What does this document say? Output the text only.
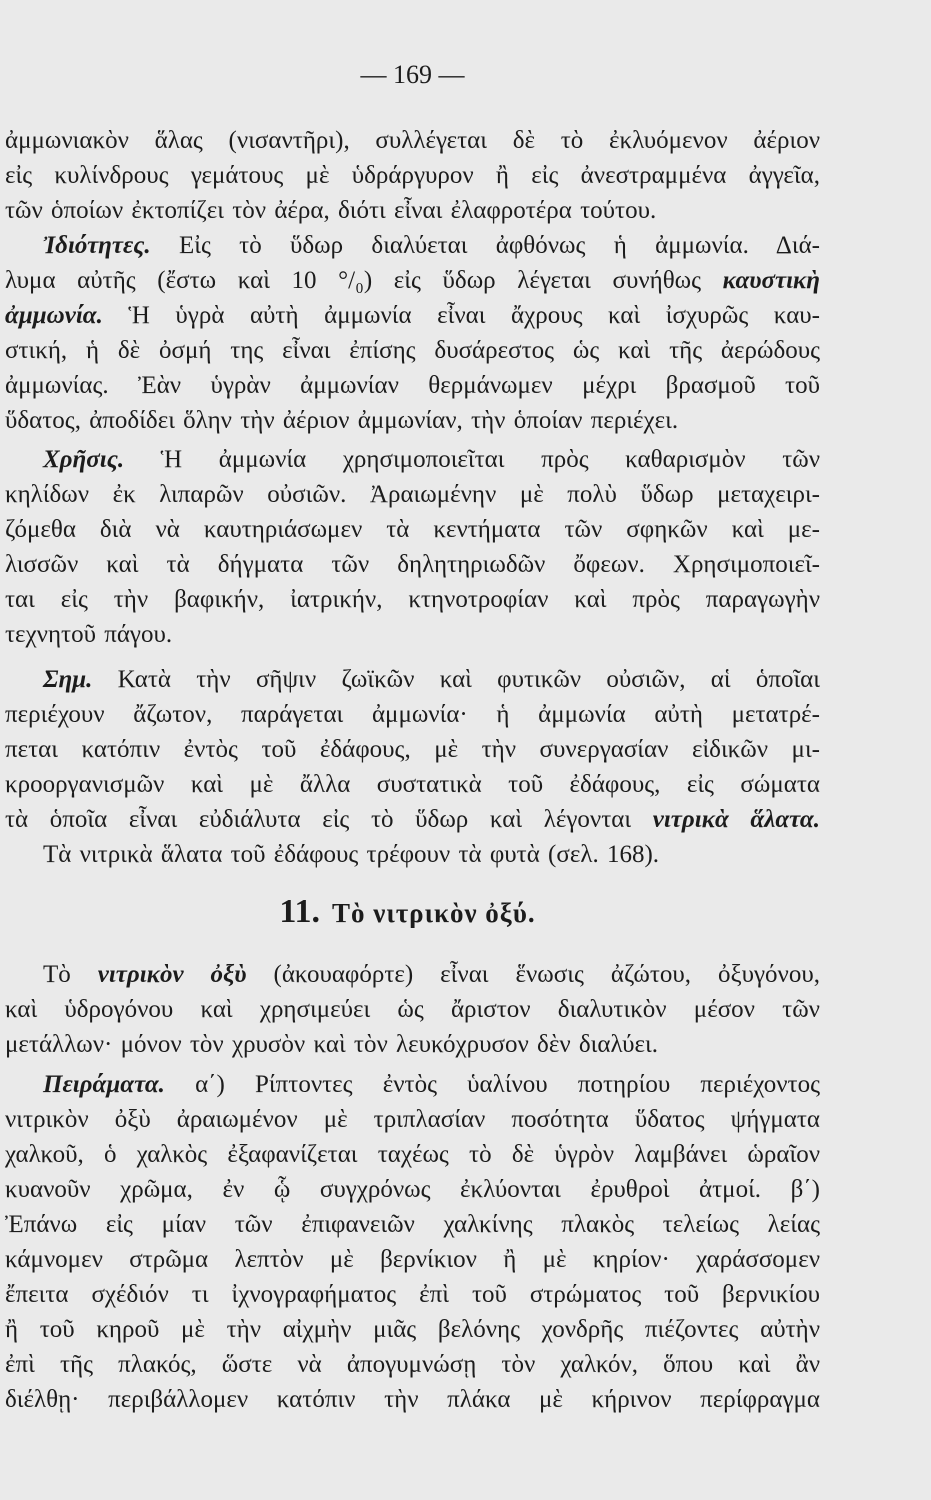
— 169 —
ἀμμωνιακὸν ἅλας (νισαντῆρι), συλλέγεται δὲ τὸ ἐκλυόμενον ἀέριον
εἰς κυλίνδρους γεμάτους μὲ ὑδράργυρον ἢ εἰς ἀνεστραμμένα ἀγγεῖα,
τῶν ὁποίων ἐκτοπίζει τὸν ἀέρα, διότι εἶναι ἐλαφροτέρα τούτου.
Ἰδιότητες. Εἰς τὸ ὕδωρ διαλύεται ἀφθόνως ἡ ἀμμωνία. Διά-
λυμα αὐτῆς (ἔστω καὶ 10 °/₀) εἰς ὕδωρ λέγεται συνήθως καυστικὴ
ἀμμωνία. Ἡ ὑγρὰ αὐτὴ ἀμμωνία εἶναι ἄχρους καὶ ἰσχυρῶς καυ-
στική, ἡ δὲ ὀσμή της εἶναι ἐπίσης δυσάρεστος ὡς καὶ τῆς ἀερώδους
ἀμμωνίας. Ἐὰν ὑγρὰν ἀμμωνίαν θερμάνωμεν μέχρι βρασμοῦ τοῦ
ὕδατος, ἀποδίδει ὅλην τὴν ἀέριον ἀμμωνίαν, τὴν ὁποίαν περιέχει.
Χρῆσις. Ἡ ἀμμωνία χρησιμοποιεῖται πρὸς καθαρισμὸν τῶν
κηλίδων ἐκ λιπαρῶν οὐσιῶν. Ἀραιωμένην μὲ πολὺ ὕδωρ μεταχειρι-
ζόμεθα διὰ νὰ καυτηριάσωμεν τὰ κεντήματα τῶν σφηκῶν καὶ με-
λισσῶν καὶ τὰ δήγματα τῶν δηλητηριωδῶν ὄφεων. Χρησιμοποιεῖ-
ται εἰς τὴν βαφικήν, ἰατρικήν, κτηνοτροφίαν καὶ πρὸς παραγωγὴν
τεχνητοῦ πάγου.
Σημ. Κατὰ τὴν σῆψιν ζωϊκῶν καὶ φυτικῶν οὐσιῶν, αἱ ὁποῖαι
περιέχουν ἄζωτον, παράγεται ἀμμωνία· ἡ ἀμμωνία αὐτὴ μετατρέ-
πεται κατόπιν ἐντὸς τοῦ ἐδάφους, μὲ τὴν συνεργασίαν εἰδικῶν μι-
κροοργανισμῶν καὶ μὲ ἄλλα συστατικὰ τοῦ ἐδάφους, εἰς σώματα
τὰ ὁποῖα εἶναι εὐδιάλυτα εἰς τὸ ὕδωρ καὶ λέγονται νιτρικὰ ἅλατα.
Τὰ νιτρικὰ ἅλατα τοῦ ἐδάφους τρέφουν τὰ φυτὰ (σελ. 168).
11. Τὸ νιτρικὸν ὀξύ.
Τὸ νιτρικὸν ὀξὺ (ἀκουαφόρτε) εἶναι ἕνωσις ἀζώτου, ὀξυγόνου,
καὶ ὑδρογόνου καὶ χρησιμεύει ὡς ἄριστον διαλυτικὸν μέσον τῶν
μετάλλων· μόνον τὸν χρυσὸν καὶ τὸν λευκόχρυσον δὲν διαλύει.
Πειράματα. α΄) Ρίπτοντες ἐντὸς ὑαλίνου ποτηρίου περιέχοντος
νιτρικὸν ὀξὺ ἀραιωμένον μὲ τριπλασίαν ποσότητα ὕδατος ψήγματα
χαλκοῦ, ὁ χαλκὸς ἐξαφανίζεται ταχέως τὸ δὲ ὑγρὸν λαμβάνει ὡραῖον
κυανοῦν χρῶμα, ἐν ᾧ συγχρόνως ἐκλύονται ἐρυθροὶ ἀτμοί. β΄)
Ἐπάνω εἰς μίαν τῶν ἐπιφανειῶν χαλκίνης πλακὸς τελείως λείας
κάμνομεν στρῶμα λεπτὸν μὲ βερνίκιον ἢ μὲ κηρίον· χαράσσομεν
ἔπειτα σχέδιόν τι ἰχνογραφήματος ἐπὶ τοῦ στρώματος τοῦ βερνικίου
ἢ τοῦ κηροῦ μὲ τὴν αἰχμὴν μιᾶς βελόνης χονδρῆς πιέζοντες αὐτὴν
ἐπὶ τῆς πλακός, ὥστε νὰ ἀπογυμνώσῃ τὸν χαλκόν, ὅπου καὶ ἂν
διέλθῃ· περιβάλλομεν κατόπιν τὴν πλάκα μὲ κήρινον περίφραγμα
